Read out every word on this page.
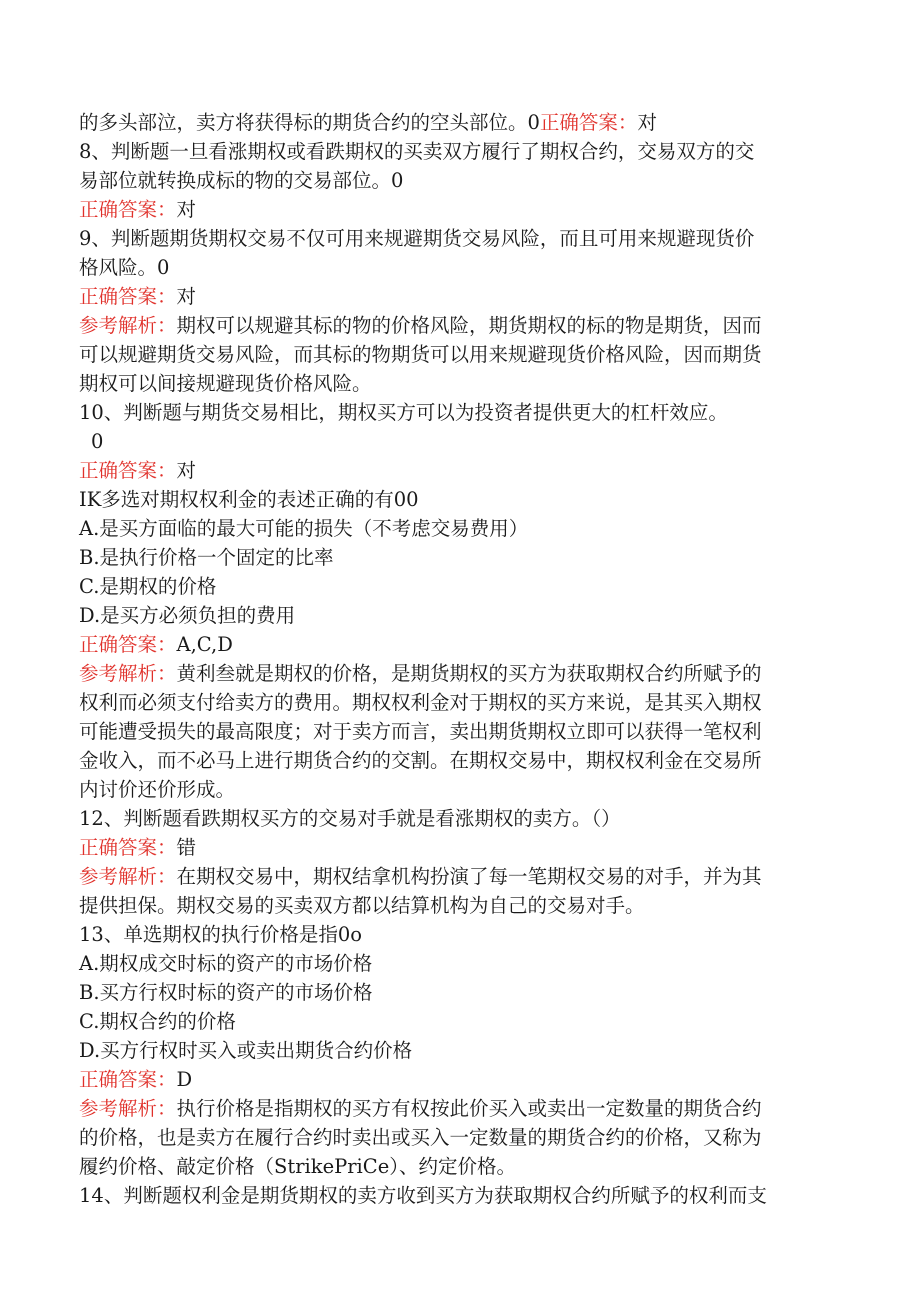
的多头部泣，卖方将获得标的期货合约的空头部位。0正确答案：对
8、判断题一旦看涨期权或看跌期权的买卖双方履行了期权合约，交易双方的交
易部位就转换成标的物的交易部位。0
正确答案：对
9、判断题期货期权交易不仅可用来规避期货交易风险，而且可用来规避现货价
格风险。0
正确答案：对
参考解析：期权可以规避其标的物的价格风险，期货期权的标的物是期货，因而
可以规避期货交易风险，而其标的物期货可以用来规避现货价格风险，因而期货
期权可以间接规避现货价格风险。
10、判断题与期货交易相比，期权买方可以为投资者提供更大的杠杆效应。
0
正确答案：对
IK多选对期权权利金的表述正确的有00
A.是买方面临的最大可能的损失（不考虑交易费用）
B.是执行价格一个固定的比率
C.是期权的价格
D.是买方必须负担的费用
正确答案：A,C,D
参考解析：黄利叁就是期权的价格，是期货期权的买方为获取期权合约所赋予的
权利而必须支付给卖方的费用。期权权利金对于期权的买方来说，是其买入期权
可能遭受损失的最高限度；对于卖方而言，卖出期货期权立即可以获得一笔权利
金收入，而不必马上进行期货合约的交割。在期权交易中，期权权利金在交易所
内讨价还价形成。
12、判断题看跌期权买方的交易对手就是看涨期权的卖方。（）
正确答案：错
参考解析：在期权交易中，期权结拿机构扮演了每一笔期权交易的对手，并为其
提供担保。期权交易的买卖双方都以结算机构为自己的交易对手。
13、单选期权的执行价格是指0o
A.期权成交时标的资产的市场价格
B.买方行权时标的资产的市场价格
C.期权合约的价格
D.买方行权时买入或卖出期货合约价格
正确答案：D
参考解析：执行价格是指期权的买方有权按此价买入或卖出一定数量的期货合约
的价格，也是卖方在履行合约时卖出或买入一定数量的期货合约的价格，又称为
履约价格、敲定价格（StrikePriCe）、约定价格。
14、判断题权利金是期货期权的卖方收到买方为获取期权合约所赋予的权利而支
